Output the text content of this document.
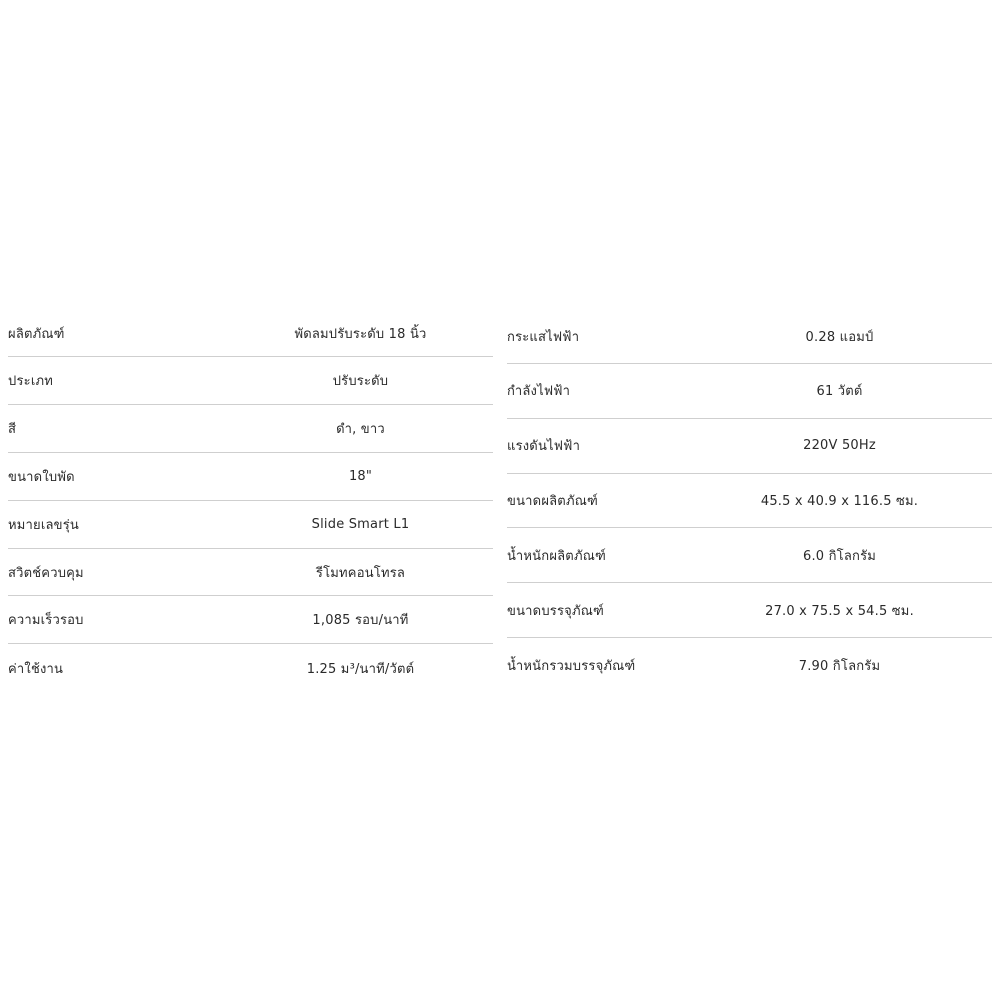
ผลิตภัณฑ์	พัดลมปรับระดับ 18 นิ้ว
ประเภท	ปรับระดับ
สี	ดำ, ขาว
ขนาดใบพัด	18"
หมายเลขรุ่น	Slide Smart L1
สวิตช์ควบคุม	รีโมทคอนโทรล
ความเร็วรอบ	1,085 รอบ/นาที
ค่าใช้งาน	1.25 ม³/นาที/วัตต์
กระแสไฟฟ้า	0.28 แอมป์
กำลังไฟฟ้า	61 วัตต์
แรงดันไฟฟ้า	220V 50Hz
ขนาดผลิตภัณฑ์	45.5 x 40.9 x 116.5 ซม.
น้ำหนักผลิตภัณฑ์	6.0 กิโลกรัม
ขนาดบรรจุภัณฑ์	27.0 x 75.5 x 54.5 ซม.
น้ำหนักรวมบรรจุภัณฑ์	7.90 กิโลกรัม
